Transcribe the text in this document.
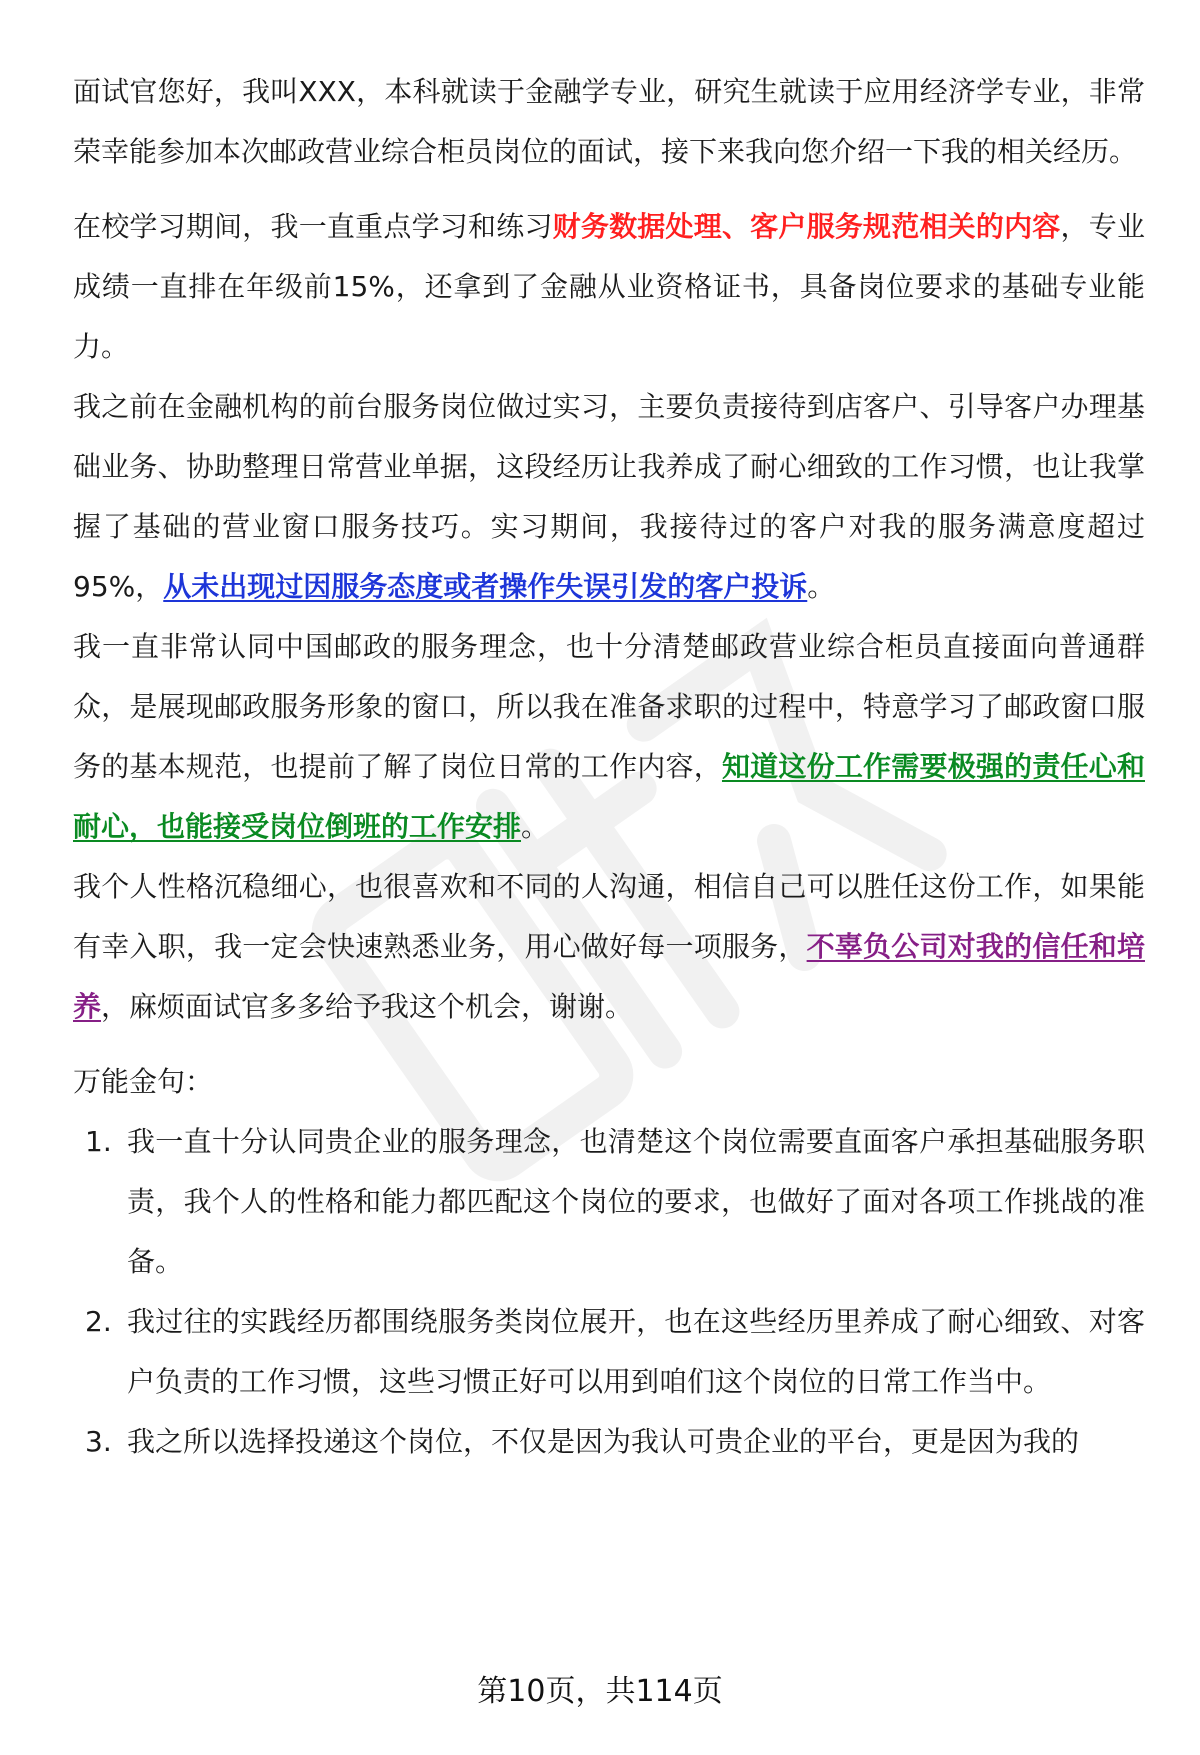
面试官您好，我叫XXX，本科就读于金融学专业，研究生就读于应用经济学专业，非常荣幸能参加本次邮政营业综合柜员岗位的面试，接下来我向您介绍一下我的相关经历。

在校学习期间，我一直重点学习和练习财务数据处理、客户服务规范相关的内容，专业成绩一直排在年级前15%，还拿到了金融从业资格证书，具备岗位要求的基础专业能力。

我之前在金融机构的前台服务岗位做过实习，主要负责接待到店客户、引导客户办理基础业务、协助整理日常营业单据，这段经历让我养成了耐心细致的工作习惯，也让我掌握了基础的营业窗口服务技巧。实习期间，我接待过的客户对我的服务满意度超过95%，从未出现过因服务态度或者操作失误引发的客户投诉。

我一直非常认同中国邮政的服务理念，也十分清楚邮政营业综合柜员直接面向普通群众，是展现邮政服务形象的窗口，所以我在准备求职的过程中，特意学习了邮政窗口服务的基本规范，也提前了解了岗位日常的工作内容，知道这份工作需要极强的责任心和耐心，也能接受岗位倒班的工作安排。

我个人性格沉稳细心，也很喜欢和不同的人沟通，相信自己可以胜任这份工作，如果能有幸入职，我一定会快速熟悉业务，用心做好每一项服务，不辜负公司对我的信任和培养，麻烦面试官多多给予我这个机会，谢谢。

万能金句：

1. 我一直十分认同贵企业的服务理念，也清楚这个岗位需要直面客户承担基础服务职责，我个人的性格和能力都匹配这个岗位的要求，也做好了面对各项工作挑战的准备。
2. 我过往的实践经历都围绕服务类岗位展开，也在这些经历里养成了耐心细致、对客户负责的工作习惯，这些习惯正好可以用到咱们这个岗位的日常工作当中。
3. 我之所以选择投递这个岗位，不仅是因为我认可贵企业的平台，更是因为我的
第10页，共114页
